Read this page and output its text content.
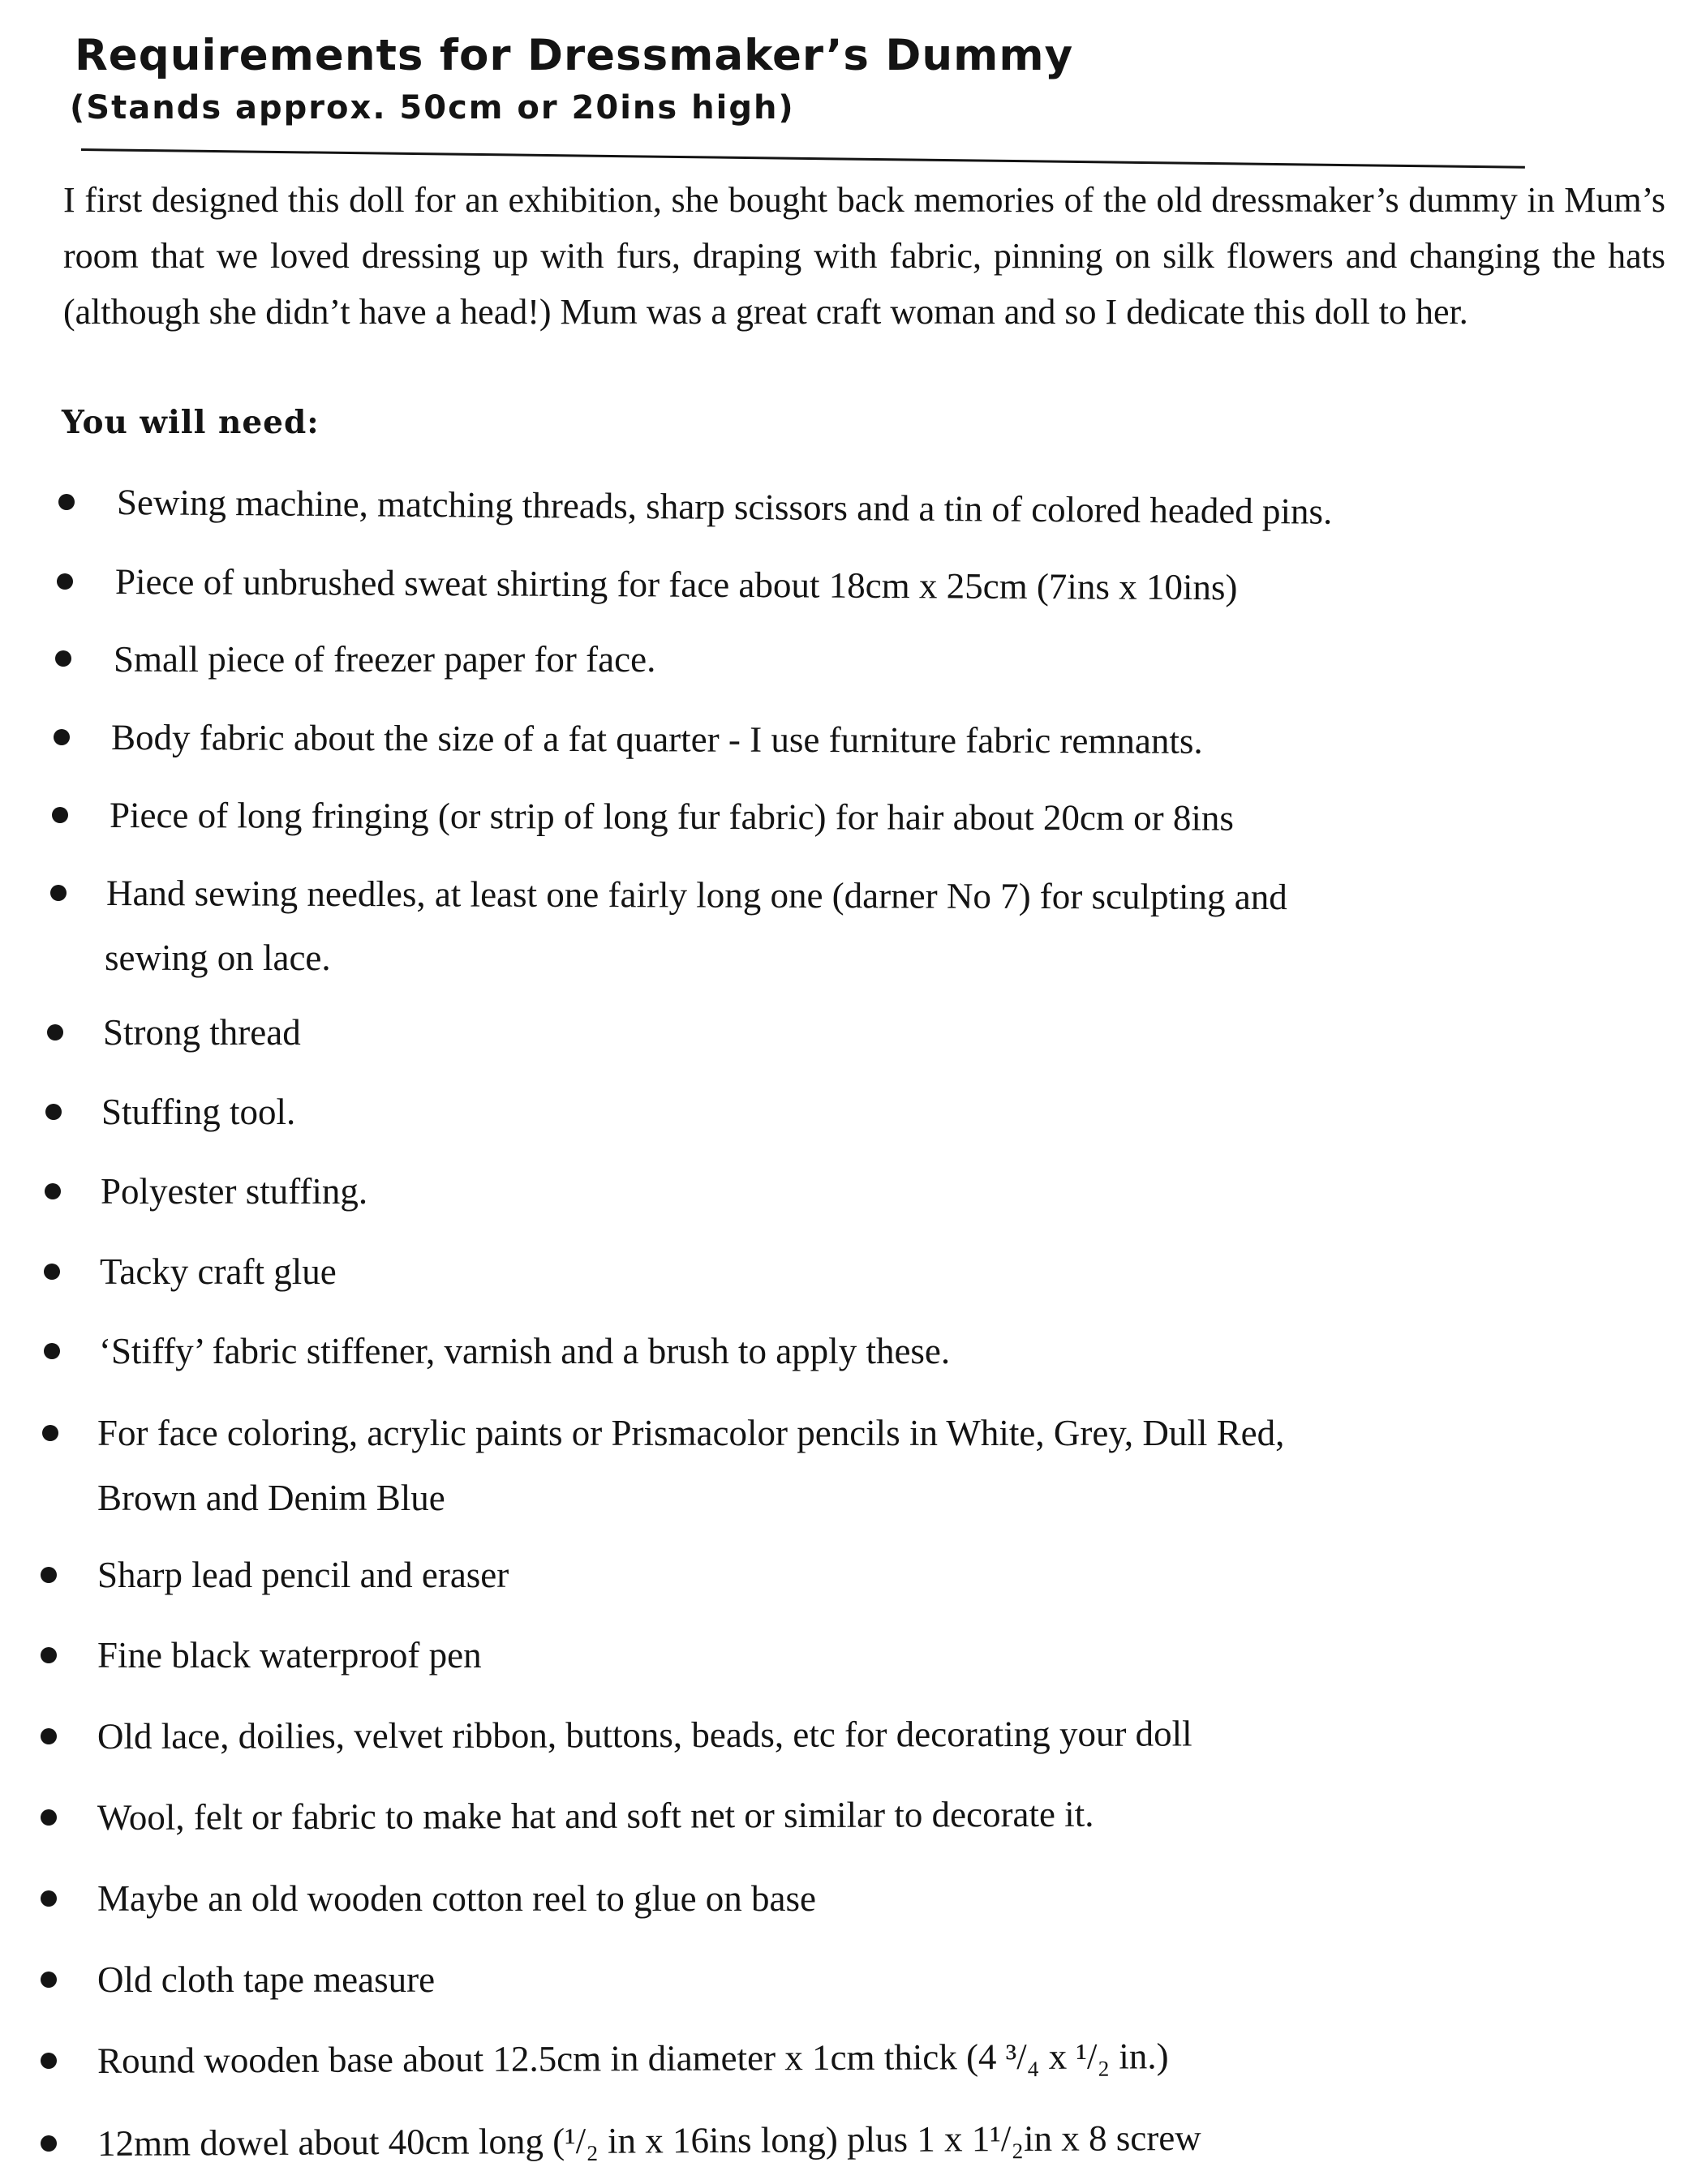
Requirements for Dressmaker’s Dummy
(Stands approx. 50cm or 20ins high)
I first designed this doll for an exhibition, she bought back memories of the old dressmaker’s dummy in Mum’s room that we loved dressing up with furs, draping with fabric, pinning on silk flowers and changing the hats (although she didn’t have a head!) Mum was a great craft woman and so I dedicate this doll to her.
You will need:
Sewing machine, matching threads, sharp scissors and a tin of colored headed pins.
Piece of unbrushed sweat shirting for face about 18cm x 25cm (7ins x 10ins)
Small piece of freezer paper for face.
Body fabric about the size of a fat quarter - I use furniture fabric remnants.
Piece of long fringing (or strip of long fur fabric) for hair about 20cm or 8ins
Hand sewing needles, at least one fairly long one (darner No 7) for sculpting and
sewing on lace.
Strong thread
Stuffing tool.
Polyester stuffing.
Tacky craft glue
‘Stiffy’ fabric stiffener, varnish and a brush to apply these.
For face coloring, acrylic paints or Prismacolor pencils in White, Grey, Dull Red,
Brown and Denim Blue
Sharp lead pencil and eraser
Fine black waterproof pen
Old lace, doilies, velvet ribbon, buttons, beads, etc for decorating your doll
Wool, felt or fabric to make hat and soft net or similar to decorate it.
Maybe an old wooden cotton reel to glue on base
Old cloth tape measure
Round wooden base about 12.5cm in diameter x 1cm thick (4 ³/₄ x ¹/₂ in.)
12mm dowel about 40cm long (¹/₂ in x 16ins long) plus 1 x 1¹/₂in x 8 screw
